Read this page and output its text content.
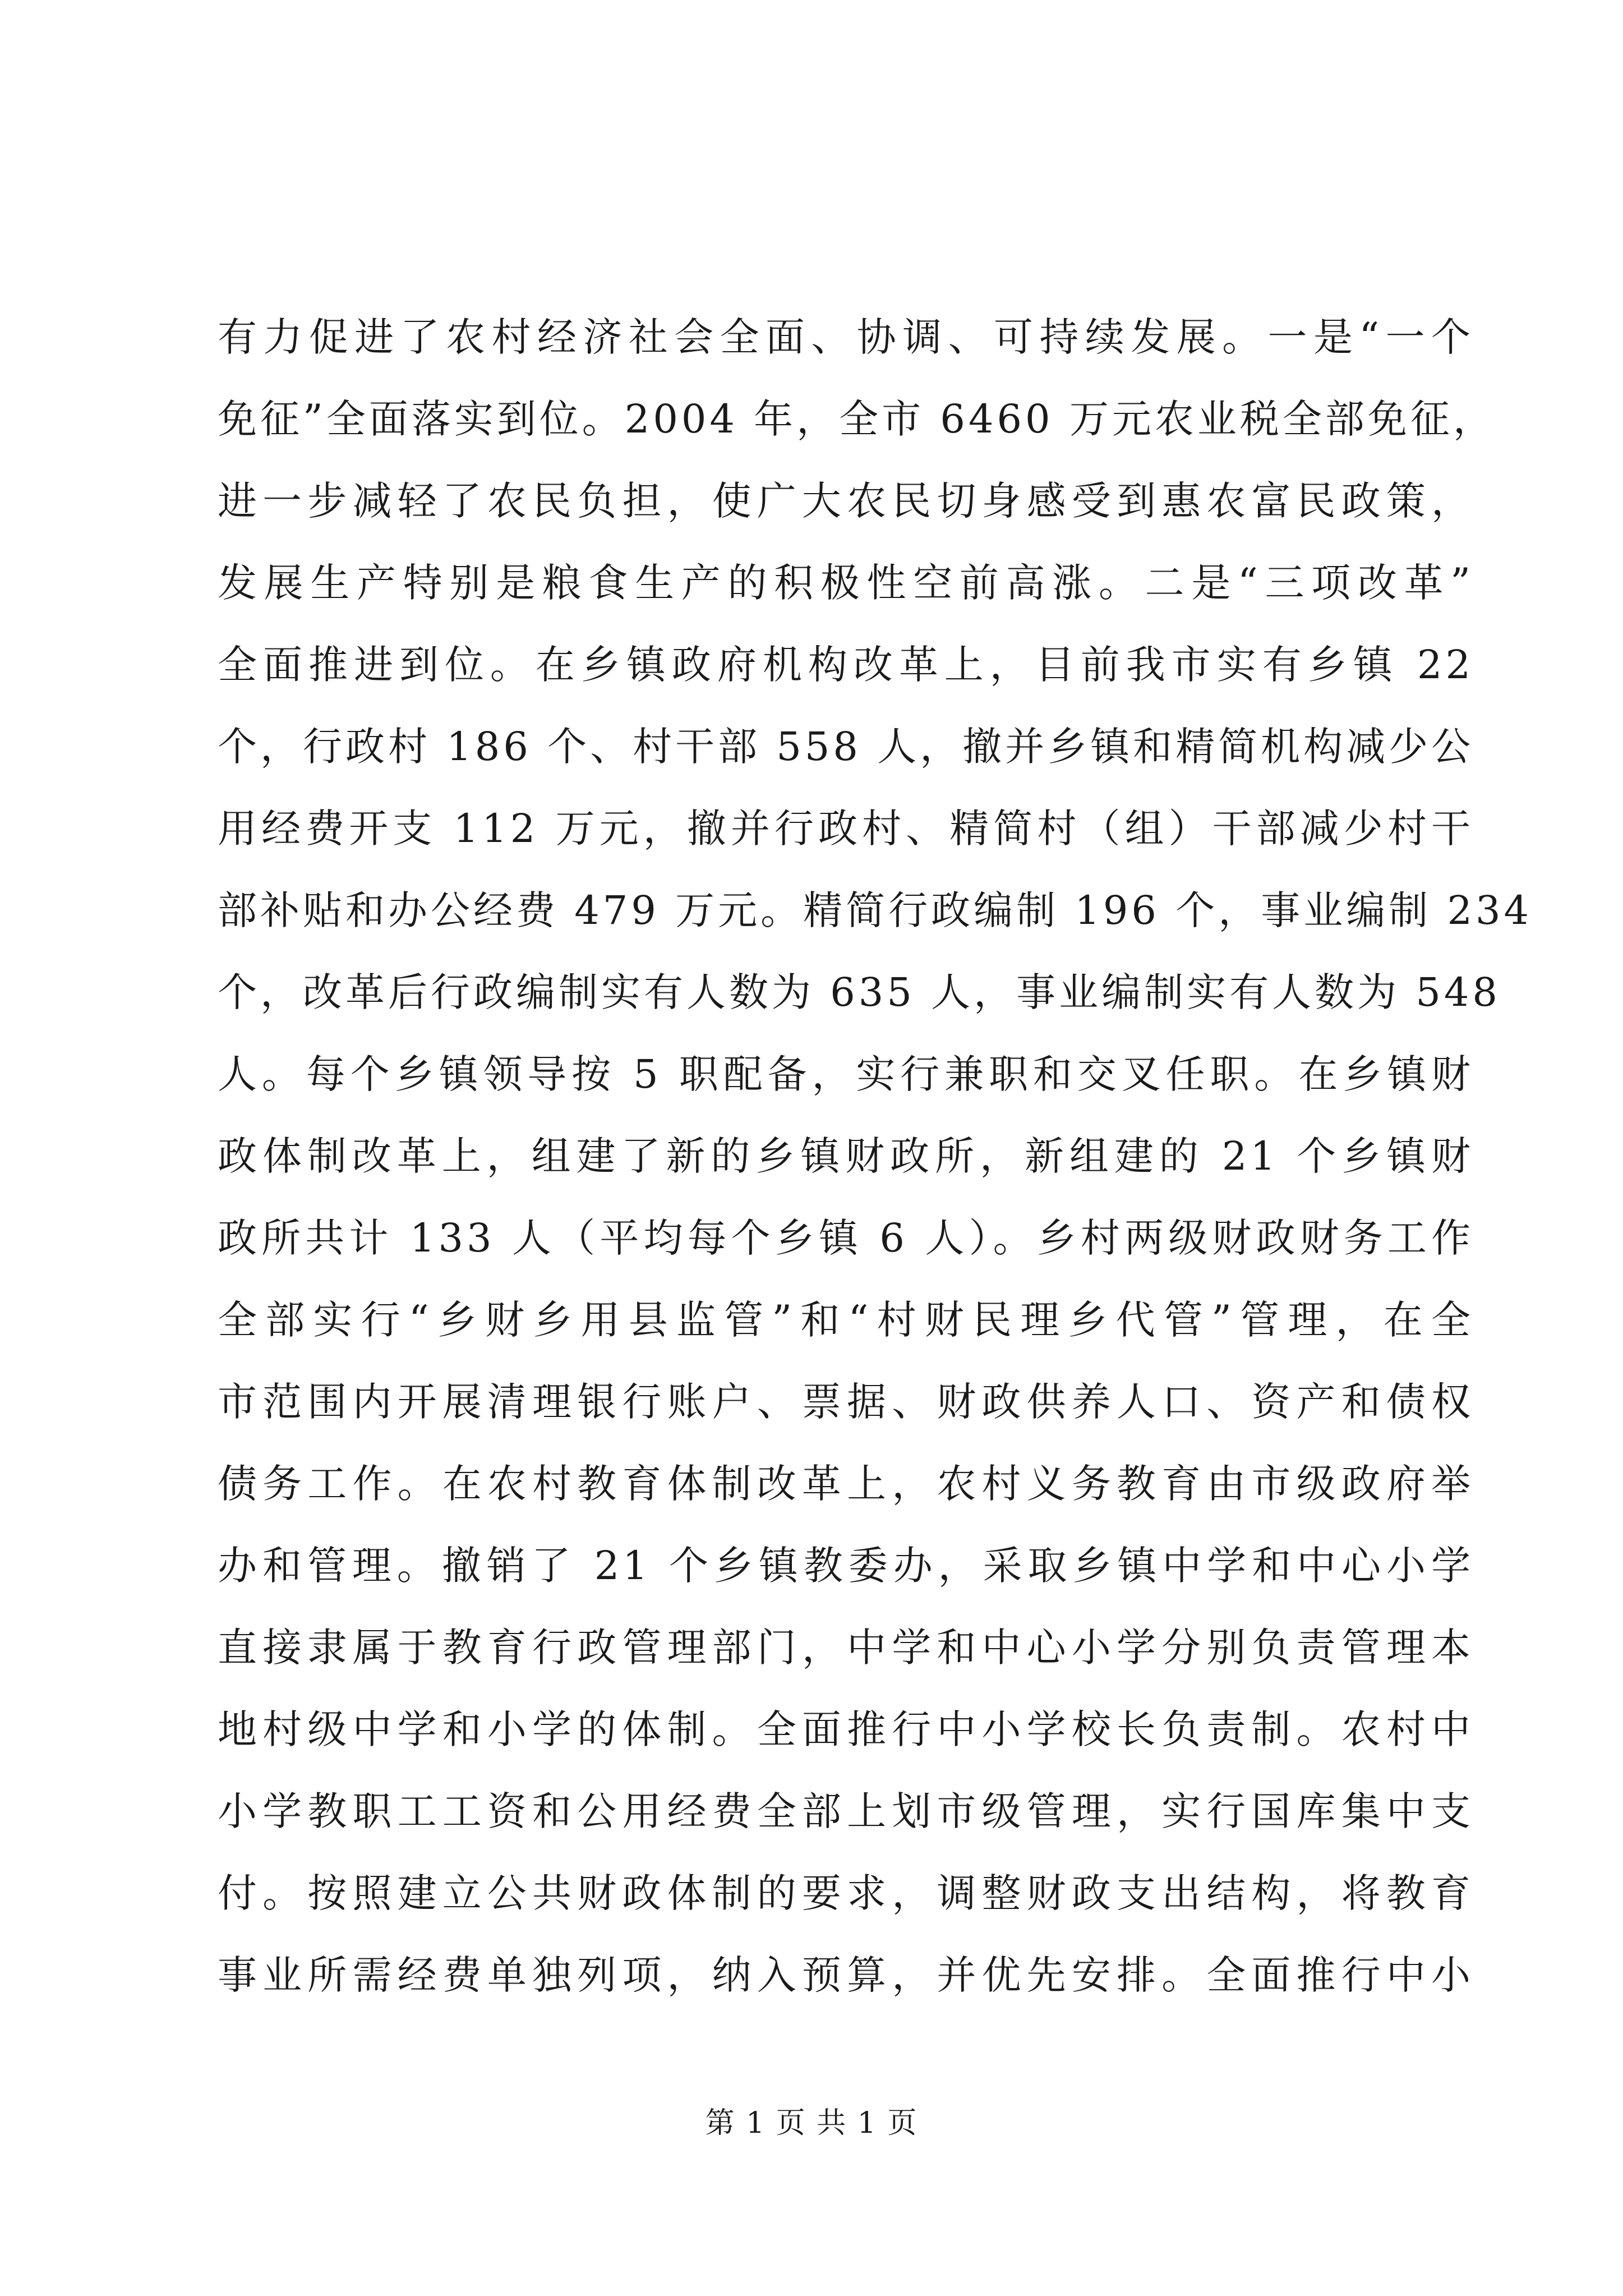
有力促进了农村经济社会全面、协调、可持续发展。一是“一个
免征”全面落实到位。2004 年，全市 6460 万元农业税全部免征，
进一步减轻了农民负担，使广大农民切身感受到惠农富民政策，
发展生产特别是粮食生产的积极性空前高涨。二是“三项改革”
全面推进到位。在乡镇政府机构改革上，目前我市实有乡镇 22
个，行政村 186 个、村干部 558 人，撤并乡镇和精简机构减少公
用经费开支 112 万元，撤并行政村、精简村（组）干部减少村干
部补贴和办公经费 479 万元。精简行政编制 196 个，事业编制 234
个，改革后行政编制实有人数为 635 人，事业编制实有人数为 548
人。每个乡镇领导按 5 职配备，实行兼职和交叉任职。在乡镇财
政体制改革上，组建了新的乡镇财政所，新组建的 21 个乡镇财
政所共计 133 人（平均每个乡镇 6 人）。乡村两级财政财务工作
全部实行“乡财乡用县监管”和“村财民理乡代管”管理，在全
市范围内开展清理银行账户、票据、财政供养人口、资产和债权
债务工作。在农村教育体制改革上，农村义务教育由市级政府举
办和管理。撤销了 21 个乡镇教委办，采取乡镇中学和中心小学
直接隶属于教育行政管理部门，中学和中心小学分别负责管理本
地村级中学和小学的体制。全面推行中小学校长负责制。农村中
小学教职工工资和公用经费全部上划市级管理，实行国库集中支
付。按照建立公共财政体制的要求，调整财政支出结构，将教育
事业所需经费单独列项，纳入预算，并优先安排。全面推行中小
第 1 页 共 1 页
